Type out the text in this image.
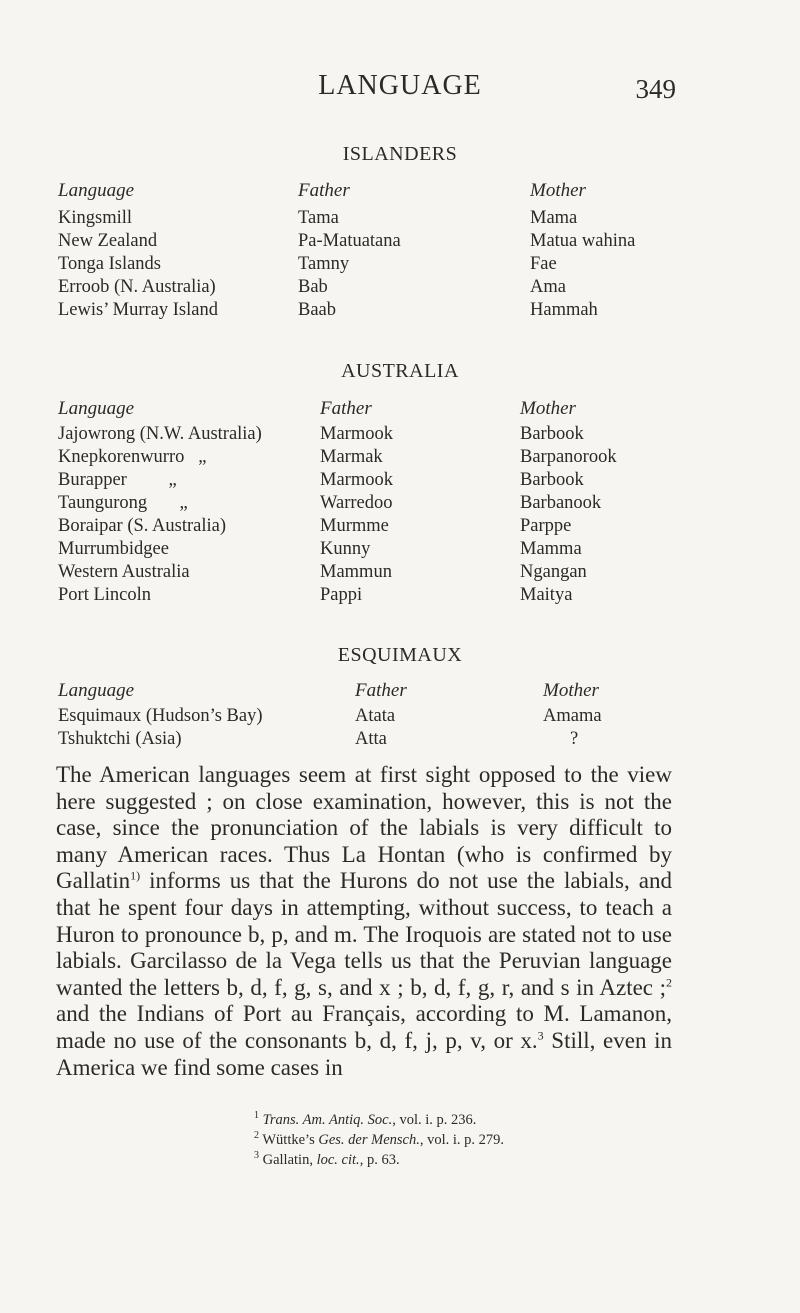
LANGUAGE	349
ISLANDERS
Language	Father	Mother
Kingsmill	Tama	Mama
New Zealand	Pa-Matuatana	Matua wahina
Tonga Islands	Tamny	Fae
Erroob (N. Australia)	Bab	Ama
Lewis’ Murray Island	Baab	Hammah
AUSTRALIA
Language	Father	Mother
Jajowrong (N.W. Australia)	Marmook	Barbook
Knepkorenwurro   „	Marmak	Barpanorook
Burapper         „	Marmook	Barbook
Taungurong       „	Warredoo	Barbanook
Boraipar (S. Australia)	Murmme	Parppe
Murrumbidgee	Kunny	Mamma
Western Australia	Mammun	Ngangan
Port Lincoln	Pappi	Maitya
ESQUIMAUX
Language	Father	Mother
Esquimaux (Hudson’s Bay)	Atata	Amama
Tshuktchi (Asia)	Atta	?

The American languages seem at first sight opposed to the view here suggested ; on close examination, however, this is not the case, since the pronunciation of the labials is very difficult to many American races. Thus La Hontan (who is confirmed by Gallatin$^{1)}$ informs us that the Hurons do not use the labials, and that he spent four days in attempting, without success, to teach a Huron to pronounce b, p, and m. The Iroquois are stated not to use labials. Garcilasso de la Vega tells us that the Peruvian language wanted the letters b, d, f, g, s, and x ; b, d, f, g, r, and s in Aztec ;$^2$ and the Indians of Port au Français, according to M. Lamanon, made no use of the consonants b, d, f, j, p, v, or x.$^3$ Still, even in America we find some cases in

$^1$ Trans. Am. Antiq. Soc., vol. i. p. 236.
$^2$ Wüttke’s Ges. der Mensch., vol. i. p. 279.
$^3$ Gallatin, loc. cit., p. 63.
